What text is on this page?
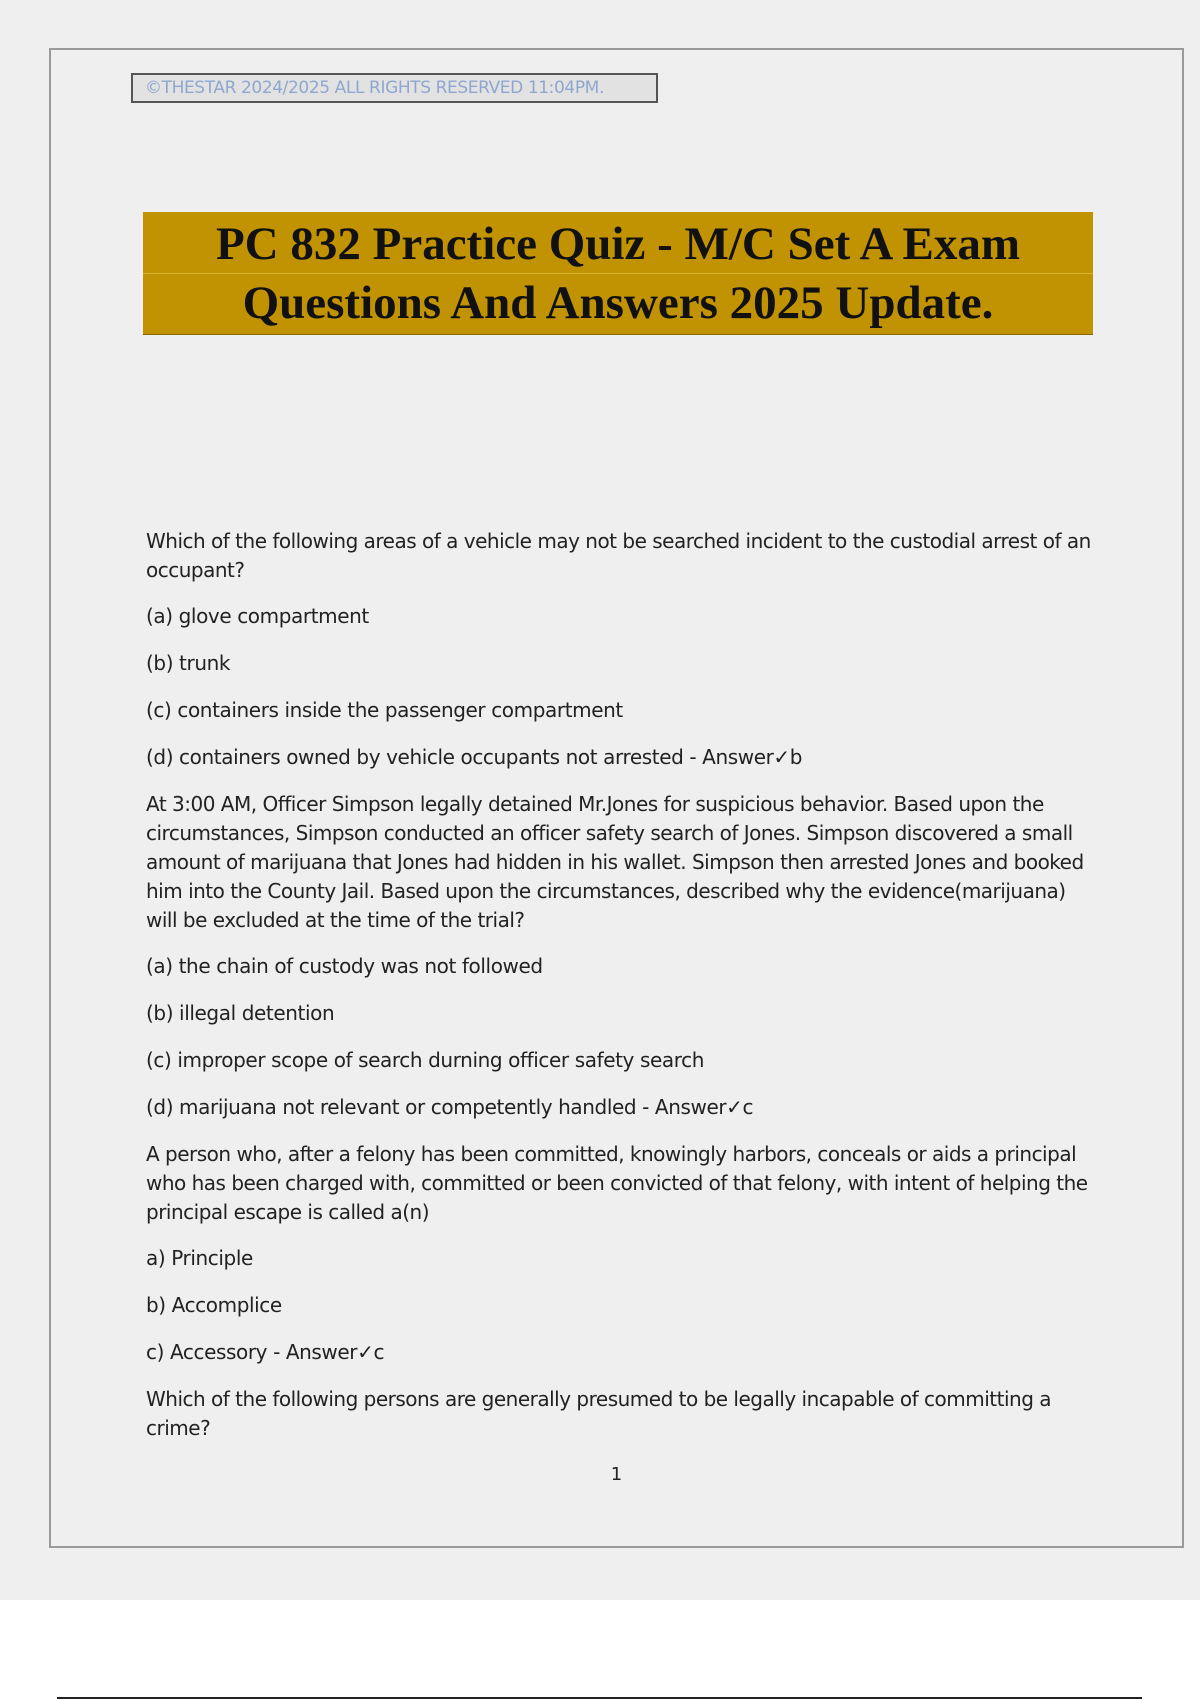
©THESTAR 2024/2025 ALL RIGHTS RESERVED 11:04PM.
PC 832 Practice Quiz - M/C Set A Exam
Questions And Answers 2025 Update.

Which of the following areas of a vehicle may not be searched incident to the custodial arrest of an occupant?

(a) glove compartment

(b) trunk

(c) containers inside the passenger compartment

(d) containers owned by vehicle occupants not arrested - Answer✓b

At 3:00 AM, Officer Simpson legally detained Mr.Jones for suspicious behavior. Based upon the circumstances, Simpson conducted an officer safety search of Jones. Simpson discovered a small amount of marijuana that Jones had hidden in his wallet. Simpson then arrested Jones and booked him into the County Jail. Based upon the circumstances, described why the evidence(marijuana) will be excluded at the time of the trial?

(a) the chain of custody was not followed

(b) illegal detention

(c) improper scope of search durning officer safety search

(d) marijuana not relevant or competently handled - Answer✓c

A person who, after a felony has been committed, knowingly harbors, conceals or aids a principal who has been charged with, committed or been convicted of that felony, with intent of helping the principal escape is called a(n)

a) Principle

b) Accomplice

c) Accessory - Answer✓c

Which of the following persons are generally presumed to be legally incapable of committing a crime?

1
